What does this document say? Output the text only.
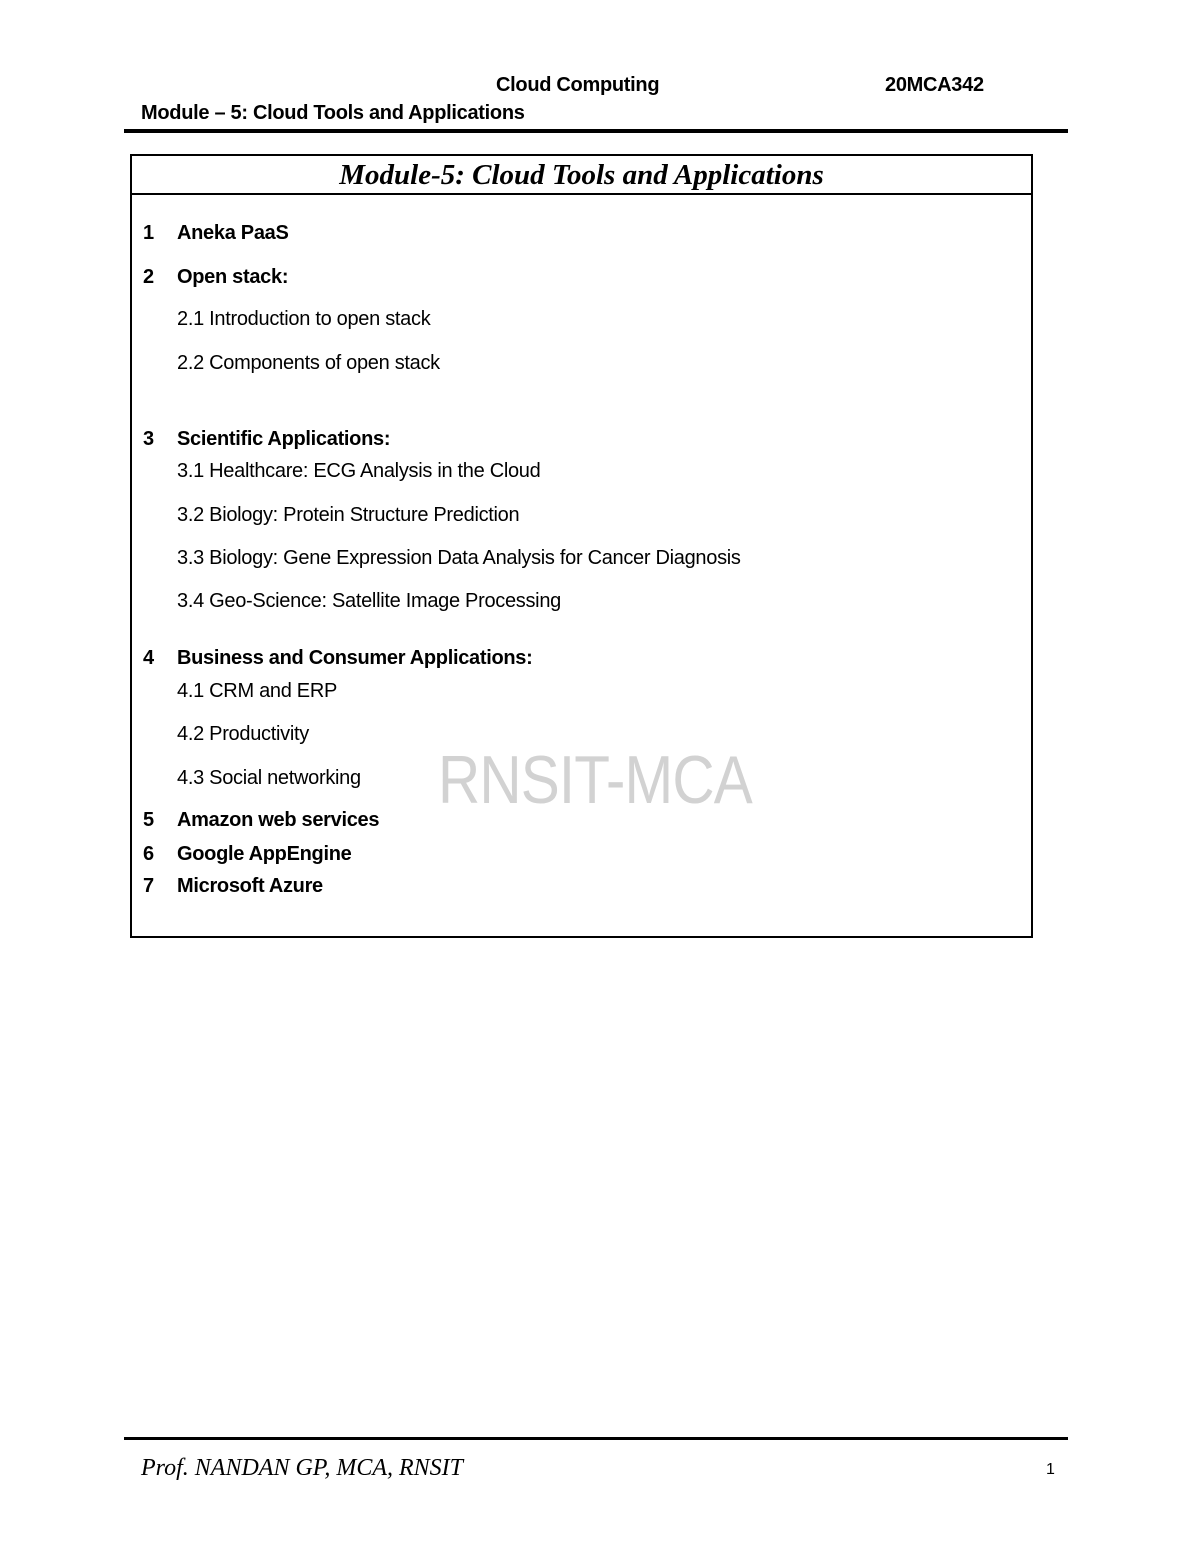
Cloud Computing	20MCA342
Module – 5: Cloud Tools and Applications
Module-5: Cloud Tools and Applications
1 Aneka PaaS
2 Open stack:
2.1 Introduction to open stack
2.2 Components of open stack
3 Scientific Applications:
3.1 Healthcare: ECG Analysis in the Cloud
3.2 Biology: Protein Structure Prediction
3.3 Biology: Gene Expression Data Analysis for Cancer Diagnosis
3.4 Geo-Science: Satellite Image Processing
4 Business and Consumer Applications:
4.1 CRM and ERP
4.2 Productivity
4.3 Social networking
5 Amazon web services
6 Google AppEngine
7 Microsoft Azure
RNSIT-MCA
Prof. NANDAN GP, MCA, RNSIT	1
